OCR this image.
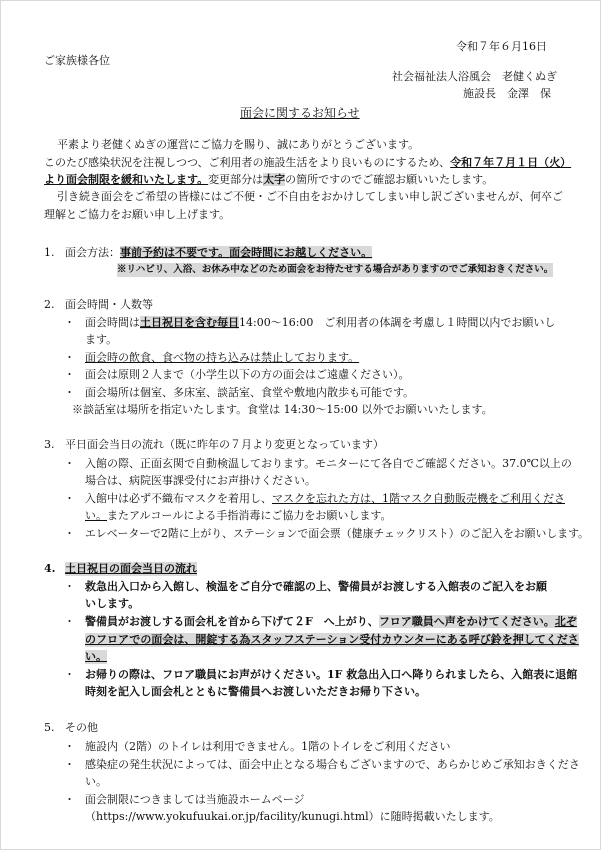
令和７年６月16日
ご家族様各位
社会福祉法人浴風会　老健くぬぎ
施設長　金澤　保
面会に関するお知らせ
平素より老健くぬぎの運営にご協力を賜り、誠にありがとうございます。
このたび感染状況を注視しつつ、ご利用者の施設生活をより良いものにするため、令和７年７月１日（火）
より面会制限を緩和いたします。変更部分は太字の箇所ですのでご確認お願いいたします。
引き続き面会をご希望の皆様にはご不便・ご不自由をおかけしてしまい申し訳ございませんが、何卒ご
理解とご協力をお願い申し上げます。
1. 面会方法：事前予約は不要です。面会時間にお越しください。
※リハビリ、入浴、お休み中などのため面会をお待たせする場合がありますのでご承知おきください。
2. 面会時間・人数等
・ 面会時間は土日祝日を含む毎日14:00～16:00　ご利用者の体調を考慮し１時間以内でお願いし
ます。
・ 面会時の飲食、食べ物の持ち込みは禁止しております。
・ 面会は原則２人まで（小学生以下の方の面会はご遠慮ください）。
・ 面会場所は個室、多床室、談話室、食堂や敷地内散歩も可能です。
※談話室は場所を指定いたします。食堂は 14:30～15:00 以外でお願いいたします。
3. 平日面会当日の流れ（既に昨年の７月より変更となっています）
・ 入館の際、正面玄関で自動検温しております。モニターにて各自でご確認ください。37.0℃以上の
場合は、病院医事課受付にお声掛けください。
・ 入館中は必ず不織布マスクを着用し、マスクを忘れた方は、1階マスク自動販売機をご利用くださ
い。またアルコールによる手指消毒にご協力をお願いします。
・ エレベーターで2階に上がり、ステーションで面会票（健康チェックリスト）のご記入をお願いします。
4. 土日祝日の面会当日の流れ
・ 救急出入口から入館し、検温をご自分で確認の上、警備員がお渡しする入館表のご記入をお願
いします。
・ 警備員がお渡しする面会札を首から下げて２F　へ上がり、フロア職員へ声をかけてください。北ぞ
のフロアでの面会は、開錠する為スタッフステーション受付カウンターにある呼び鈴を押してくださ
い。
・ お帰りの際は、フロア職員にお声がけください。1F 救急出入口へ降りられましたら、入館表に退館
時刻を記入し面会札とともに警備員へお渡しいただきお帰り下さい。
5. その他
・ 施設内（2階）のトイレは利用できません。1階のトイレをご利用ください
・ 感染症の発生状況によっては、面会中止となる場合もございますので、あらかじめご承知おきくださ
い。
・ 面会制限につきましては当施設ホームページ
（https://www.yokufuukai.or.jp/facility/kunugi.html）に随時掲載いたします。
